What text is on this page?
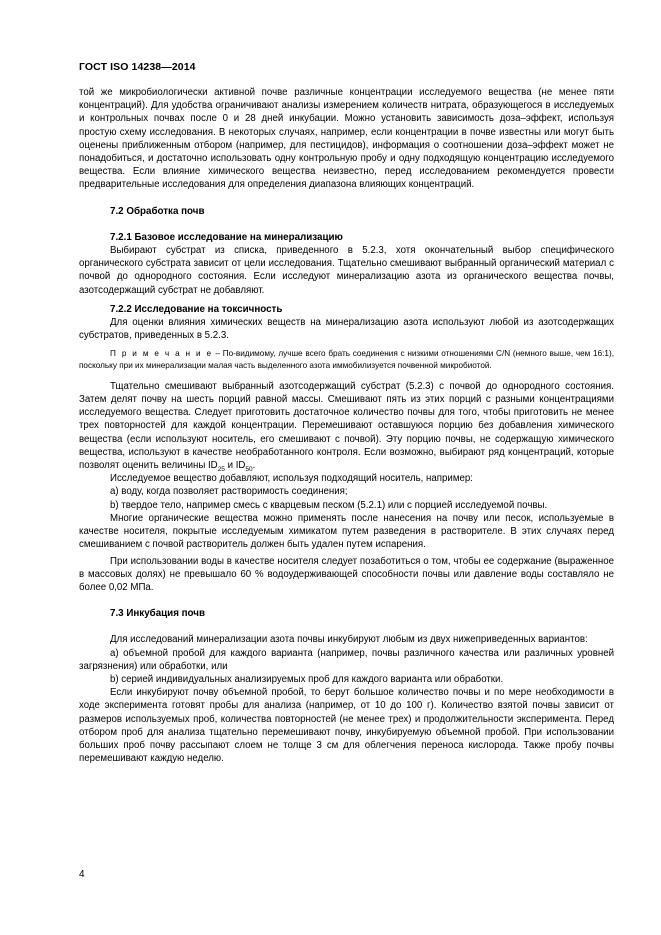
ГОСТ ISO 14238—2014

той же микробиологически активной почве различные концентрации исследуемого вещества (не менее пяти концентраций). Для удобства ограничивают анализы измерением количеств нитрата, образующегося в исследуемых и контрольных почвах после 0 и 28 дней инкубации. Можно установить зависимость доза–эффект, используя простую схему исследования. В некоторых случаях, например, если концентрации в почве известны или могут быть оценены приближенным отбором (например, для пестицидов), информация о соотношении доза–эффект может не понадобиться, и достаточно использовать одну контрольную пробу и одну подходящую концентрацию исследуемого вещества. Если влияние химического вещества неизвестно, перед исследованием рекомендуется провести предварительные исследования для определения диапазона влияющих концентраций.

7.2 Обработка почв

7.2.1 Базовое исследование на минерализацию

Выбирают субстрат из списка, приведенного в 5.2.3, хотя окончательный выбор специфического органического субстрата зависит от цели исследования. Тщательно смешивают выбранный органический материал с почвой до однородного состояния. Если исследуют минерализацию азота из органического вещества почвы, азотсодержащий субстрат не добавляют.

7.2.2 Исследование на токсичность

Для оценки влияния химических веществ на минерализацию азота используют любой из азотсодержащих субстратов, приведенных в 5.2.3.

П р и м е ч а н и е – По-видимому, лучше всего брать соединения с низкими отношениями C/N (немного выше, чем 16:1), поскольку при их минерализации малая часть выделенного азота иммобилизуется почвенной микробиотой.

Тщательно смешивают выбранный азотсодержащий субстрат (5.2.3) с почвой до однородного состояния. Затем делят почву на шесть порций равной массы. Смешивают пять из этих порций с разными концентрациями исследуемого вещества. Следует приготовить достаточное количество почвы для того, чтобы приготовить не менее трех повторностей для каждой концентрации. Перемешивают оставшуюся порцию без добавления химического вещества (если используют носитель, его смешивают с почвой). Эту порцию почвы, не содержащую химического вещества, используют в качестве необработанного контроля. Если возможно, выбирают ряд концентраций, которые позволят оценить величины $ID_{25}$ и $ID_{50}$.

Исследуемое вещество добавляют, используя подходящий носитель, например:

a) воду, когда позволяет растворимость соединения;

b) твердое тело, например смесь с кварцевым песком (5.2.1) или с порцией исследуемой почвы.

Многие органические вещества можно применять после нанесения на почву или песок, используемые в качестве носителя, покрытые исследуемым химикатом путем разведения в растворителе. В этих случаях перед смешиванием с почвой растворитель должен быть удален путем испарения.

При использовании воды в качестве носителя следует позаботиться о том, чтобы ее содержание (выраженное в массовых долях) не превышало 60 % водоудерживающей способности почвы или давление воды составляло не более 0,02 МПа.

7.3 Инкубация почв

Для исследований минерализации азота почвы инкубируют любым из двух нижеприведенных вариантов:

a) объемной пробой для каждого варианта (например, почвы различного качества или различных уровней загрязнения) или обработки, или

b) серией индивидуальных анализируемых проб для каждого варианта или обработки.

Если инкубируют почву объемной пробой, то берут большое количество почвы и по мере необходимости в ходе эксперимента готовят пробы для анализа (например, от 10 до 100 г). Количество взятой почвы зависит от размеров используемых проб, количества повторностей (не менее трех) и продолжительности эксперимента. Перед отбором проб для анализа тщательно перемешивают почву, инкубируемую объемной пробой. При использовании больших проб почву рассыпают слоем не толще 3 см для облегчения переноса кислорода. Также пробу почвы перемешивают каждую неделю.

4
